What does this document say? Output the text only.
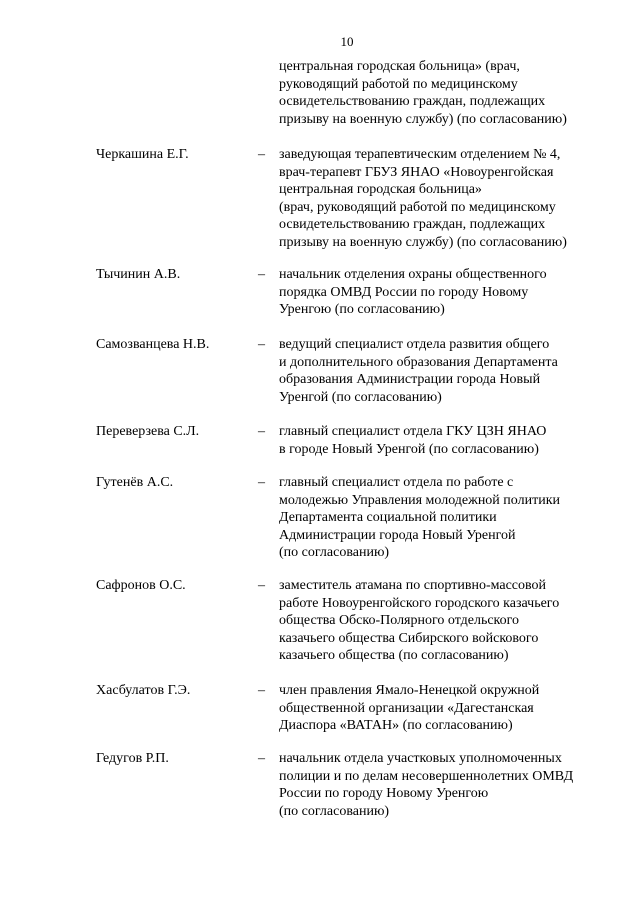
10
центральная городская больница» (врач,
руководящий работой по медицинскому
освидетельствованию граждан, подлежащих
призыву на военную службу) (по согласованию)
Черкашина Е.Г.	– заведующая терапевтическим отделением № 4,
врач-терапевт ГБУЗ ЯНАО «Новоуренгойская
центральная городская больница»
(врач, руководящий работой по медицинскому
освидетельствованию граждан, подлежащих
призыву на военную службу) (по согласованию)
Тычинин А.В.	– начальник отделения охраны общественного
порядка ОМВД России по городу Новому
Уренгою (по согласованию)
Самозванцева Н.В.	– ведущий специалист отдела развития общего
и дополнительного образования Департамента
образования Администрации города Новый
Уренгой (по согласованию)
Переверзева С.Л.	– главный специалист отдела ГКУ ЦЗН ЯНАО
в городе Новый Уренгой (по согласованию)
Гутенёв А.С.	– главный специалист отдела по работе с
молодежью Управления молодежной политики
Департамента социальной политики
Администрации города Новый Уренгой
(по согласованию)
Сафронов О.С.	– заместитель атамана по спортивно-массовой
работе Новоуренгойского городского казачьего
общества Обско-Полярного отдельского
казачьего общества Сибирского войскового
казачьего общества (по согласованию)
Хасбулатов Г.Э.	– член правления Ямало-Ненецкой окружной
общественной организации «Дагестанская
Диаспора «ВАТАН» (по согласованию)
Гедугов Р.П.	– начальник отдела участковых уполномоченных
полиции и по делам несовершеннолетних ОМВД
России по городу Новому Уренгою
(по согласованию)
